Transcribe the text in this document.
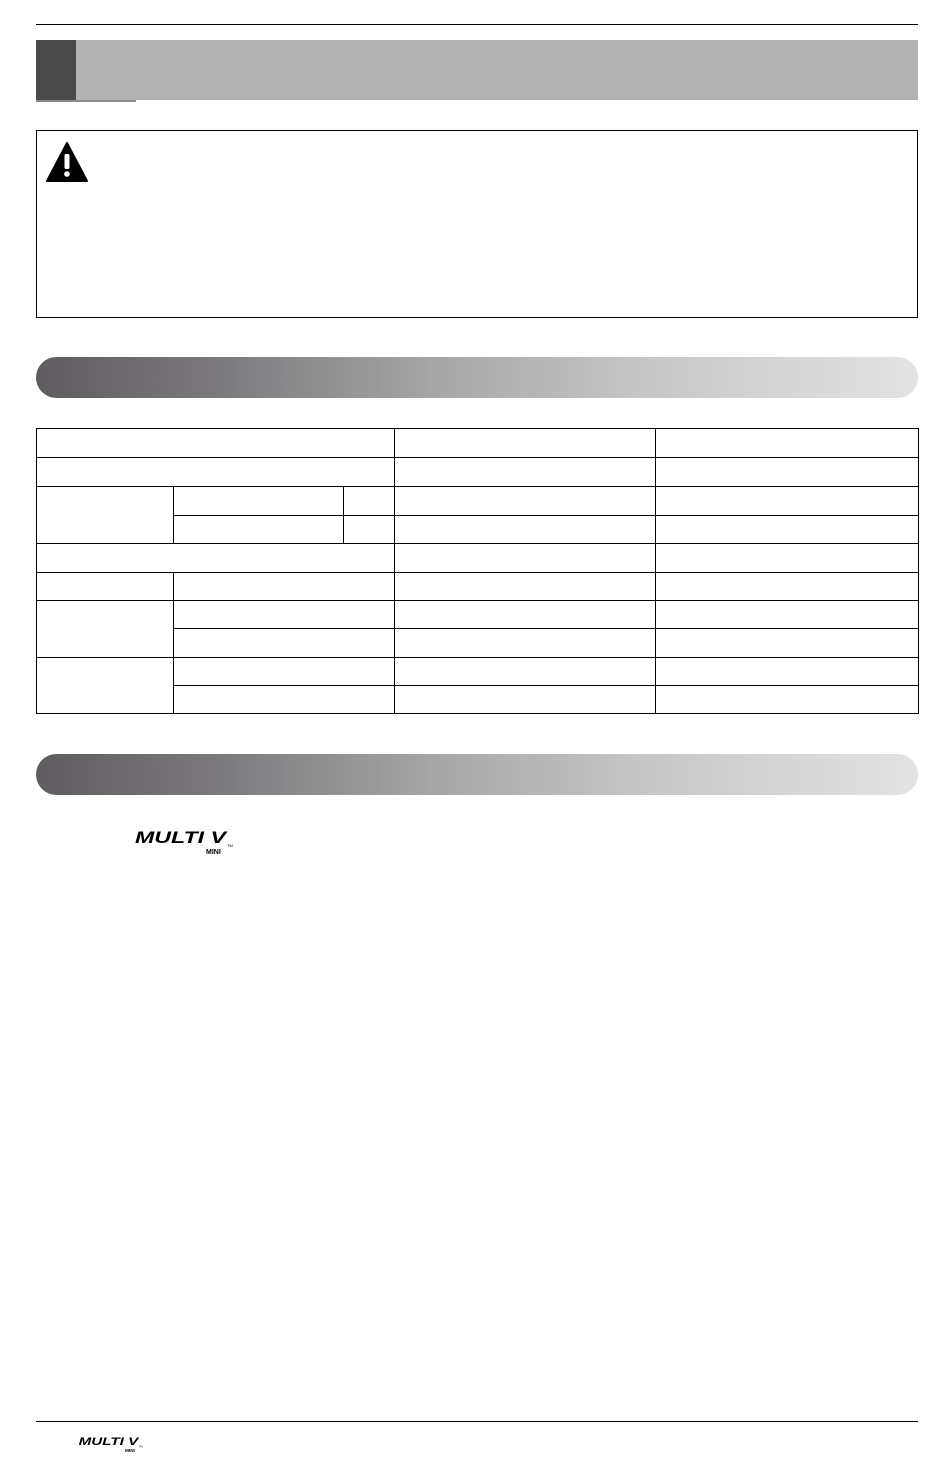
MULTI V
TM
MINI
MULTI V
TM
MINI
